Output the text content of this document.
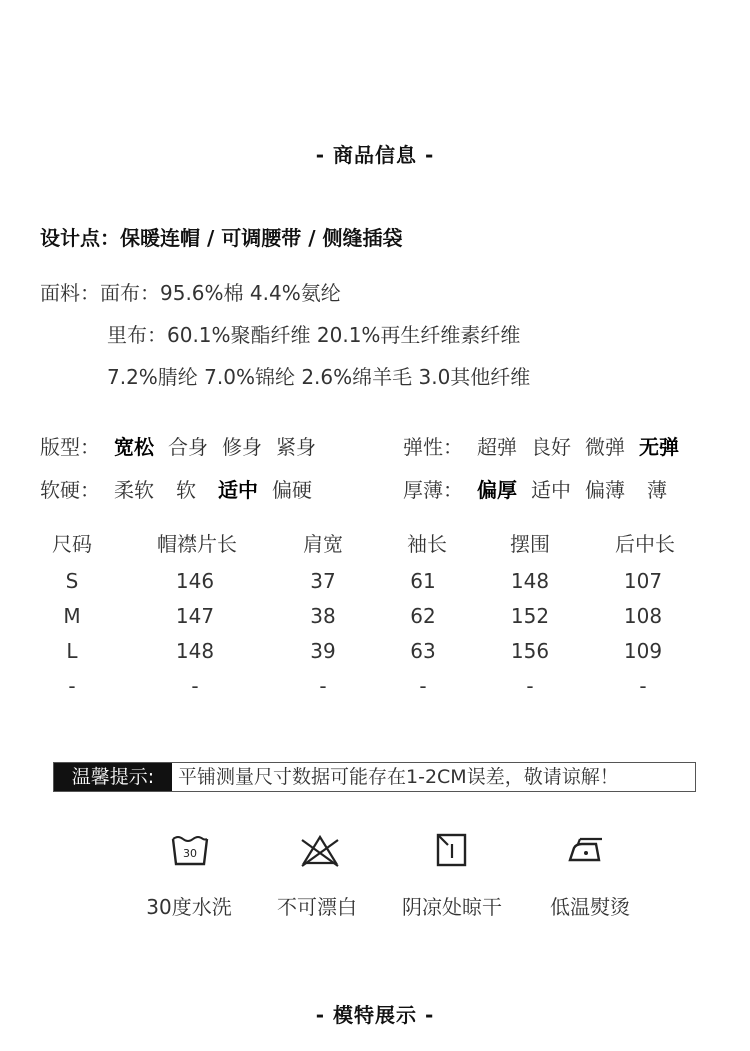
- 商品信息 -
设计点：保暖连帽 / 可调腰带 / 侧缝插袋
面料：面布：95.6%棉 4.4%氨纶
里布：60.1%聚酯纤维 20.1%再生纤维素纤维
7.2%腈纶 7.0%锦纶 2.6%绵羊毛 3.0其他纤维
版型： 宽松 合身 修身 紧身	弹性： 超弹 良好 微弹 无弹
软硬： 柔软 软 适中 偏硬	厚薄： 偏厚 适中 偏薄 薄
尺码	帽襟片长	肩宽	袖长	摆围	后中长
S	146	37	61	148	107
M	147	38	62	152	108
L	148	39	63	156	109
-	-	-	-	-	-
温馨提示:	平铺测量尺寸数据可能存在1-2CM误差，敬请谅解！
30
30度水洗 不可漂白 阴凉处晾干 低温熨烫
- 模特展示 -
